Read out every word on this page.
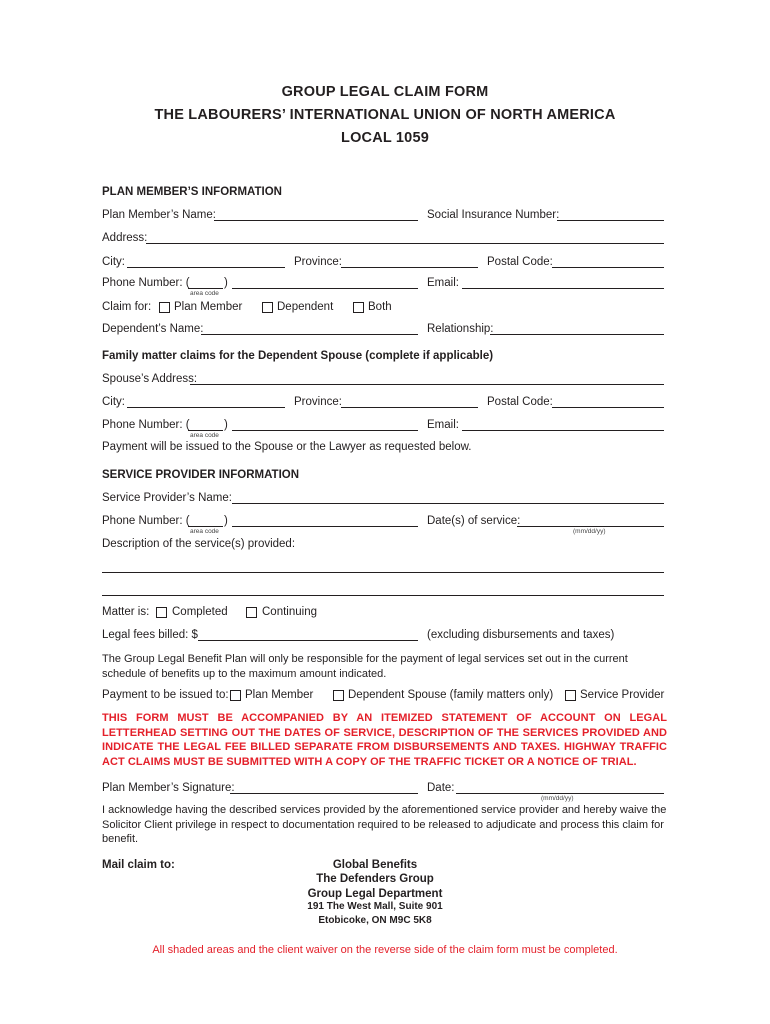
GROUP LEGAL CLAIM FORM
THE LABOURERS’ INTERNATIONAL UNION OF NORTH AMERICA
LOCAL 1059
PLAN MEMBER’S INFORMATION
Plan Member’s Name:	Social Insurance Number:
Address:
City:	Province:	Postal Code:
Phone Number: (	)
area code
Email:
Claim for: Plan Member	Dependent	Both
Dependent’s Name:	Relationship:
Family matter claims for the Dependent Spouse (complete if applicable)
Spouse’s Address:
City:	Province:	Postal Code:
Phone Number: (	)
area code
Email:
Payment will be issued to the Spouse or the Lawyer as requested below.
SERVICE PROVIDER INFORMATION
Service Provider’s Name:
Phone Number: (	)
area code
Date(s) of service:
(mm/dd/yy)
Description of the service(s) provided:
Matter is: Completed	Continuing
Legal fees billed: $	(excluding disbursements and taxes)
The Group Legal Benefit Plan will only be responsible for the payment of legal services set out in the current schedule of benefits up to the maximum amount indicated.
Payment to be issued to: Plan Member	Dependent Spouse (family matters only) Service Provider
THIS FORM MUST BE ACCOMPANIED BY AN ITEMIZED STATEMENT OF ACCOUNT ON LEGAL LETTERHEAD SETTING OUT THE DATES OF SERVICE, DESCRIPTION OF THE SERVICES PROVIDED AND INDICATE THE LEGAL FEE BILLED SEPARATE FROM DISBURSEMENTS AND TAXES. HIGHWAY TRAFFIC ACT CLAIMS MUST BE SUBMITTED WITH A COPY OF THE TRAFFIC TICKET OR A NOTICE OF TRIAL.
Plan Member’s Signature:	Date:
(mm/dd/yy)
I acknowledge having the described services provided by the aforementioned service provider and hereby waive the Solicitor Client privilege in respect to documentation required to be released to adjudicate and process this claim for benefit.
Mail claim to:	Global Benefits
The Defenders Group
Group Legal Department
191 The West Mall, Suite 901
Etobicoke, ON M9C 5K8
All shaded areas and the client waiver on the reverse side of the claim form must be completed.
